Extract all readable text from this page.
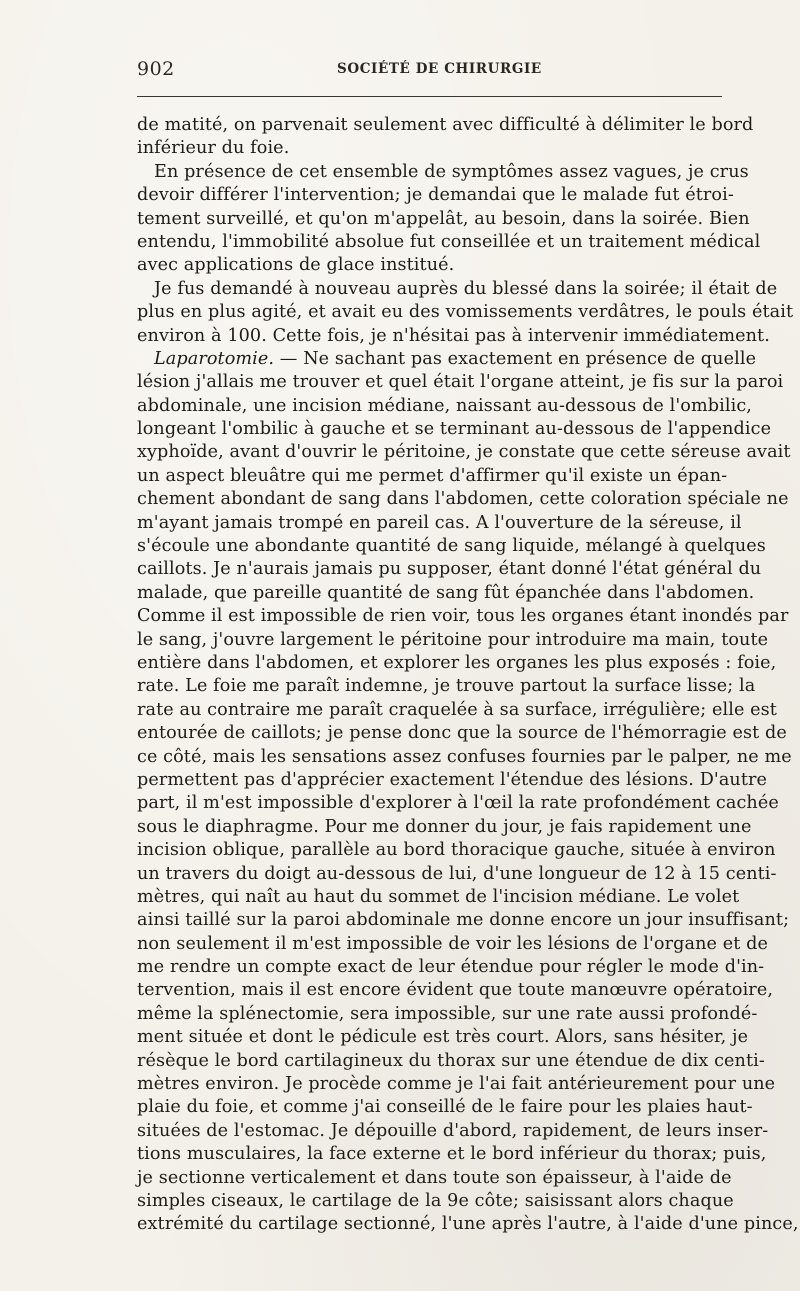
902	SOCIÉTÉ DE CHIRURGIE
de matité, on parvenait seulement avec difficulté à délimiter le bord
inférieur du foie.
En présence de cet ensemble de symptômes assez vagues, je crus
devoir différer l'intervention; je demandai que le malade fut étroi-
tement surveillé, et qu'on m'appelât, au besoin, dans la soirée. Bien
entendu, l'immobilité absolue fut conseillée et un traitement médical
avec applications de glace institué.
Je fus demandé à nouveau auprès du blessé dans la soirée; il était de
plus en plus agité, et avait eu des vomissements verdâtres, le pouls était
environ à 100. Cette fois, je n'hésitai pas à intervenir immédiatement.
Laparotomie. — Ne sachant pas exactement en présence de quelle
lésion j'allais me trouver et quel était l'organe atteint, je fis sur la paroi
abdominale, une incision médiane, naissant au-dessous de l'ombilic,
longeant l'ombilic à gauche et se terminant au-dessous de l'appendice
xyphoïde, avant d'ouvrir le péritoine, je constate que cette séreuse avait
un aspect bleuâtre qui me permet d'affirmer qu'il existe un épan-
chement abondant de sang dans l'abdomen, cette coloration spéciale ne
m'ayant jamais trompé en pareil cas. A l'ouverture de la séreuse, il
s'écoule une abondante quantité de sang liquide, mélangé à quelques
caillots. Je n'aurais jamais pu supposer, étant donné l'état général du
malade, que pareille quantité de sang fût épanchée dans l'abdomen.
Comme il est impossible de rien voir, tous les organes étant inondés par
le sang, j'ouvre largement le péritoine pour introduire ma main, toute
entière dans l'abdomen, et explorer les organes les plus exposés : foie,
rate. Le foie me paraît indemne, je trouve partout la surface lisse; la
rate au contraire me paraît craquelée à sa surface, irrégulière; elle est
entourée de caillots; je pense donc que la source de l'hémorragie est de
ce côté, mais les sensations assez confuses fournies par le palper, ne me
permettent pas d'apprécier exactement l'étendue des lésions. D'autre
part, il m'est impossible d'explorer à l'œil la rate profondément cachée
sous le diaphragme. Pour me donner du jour, je fais rapidement une
incision oblique, parallèle au bord thoracique gauche, située à environ
un travers du doigt au-dessous de lui, d'une longueur de 12 à 15 centi-
mètres, qui naît au haut du sommet de l'incision médiane. Le volet
ainsi taillé sur la paroi abdominale me donne encore un jour insuffisant;
non seulement il m'est impossible de voir les lésions de l'organe et de
me rendre un compte exact de leur étendue pour régler le mode d'in-
tervention, mais il est encore évident que toute manœuvre opératoire,
même la splénectomie, sera impossible, sur une rate aussi profondé-
ment située et dont le pédicule est très court. Alors, sans hésiter, je
résèque le bord cartilagineux du thorax sur une étendue de dix centi-
mètres environ. Je procède comme je l'ai fait antérieurement pour une
plaie du foie, et comme j'ai conseillé de le faire pour les plaies haut-
situées de l'estomac. Je dépouille d'abord, rapidement, de leurs inser-
tions musculaires, la face externe et le bord inférieur du thorax; puis,
je sectionne verticalement et dans toute son épaisseur, à l'aide de
simples ciseaux, le cartilage de la 9e côte; saisissant alors chaque
extrémité du cartilage sectionné, l'une après l'autre, à l'aide d'une pince,
